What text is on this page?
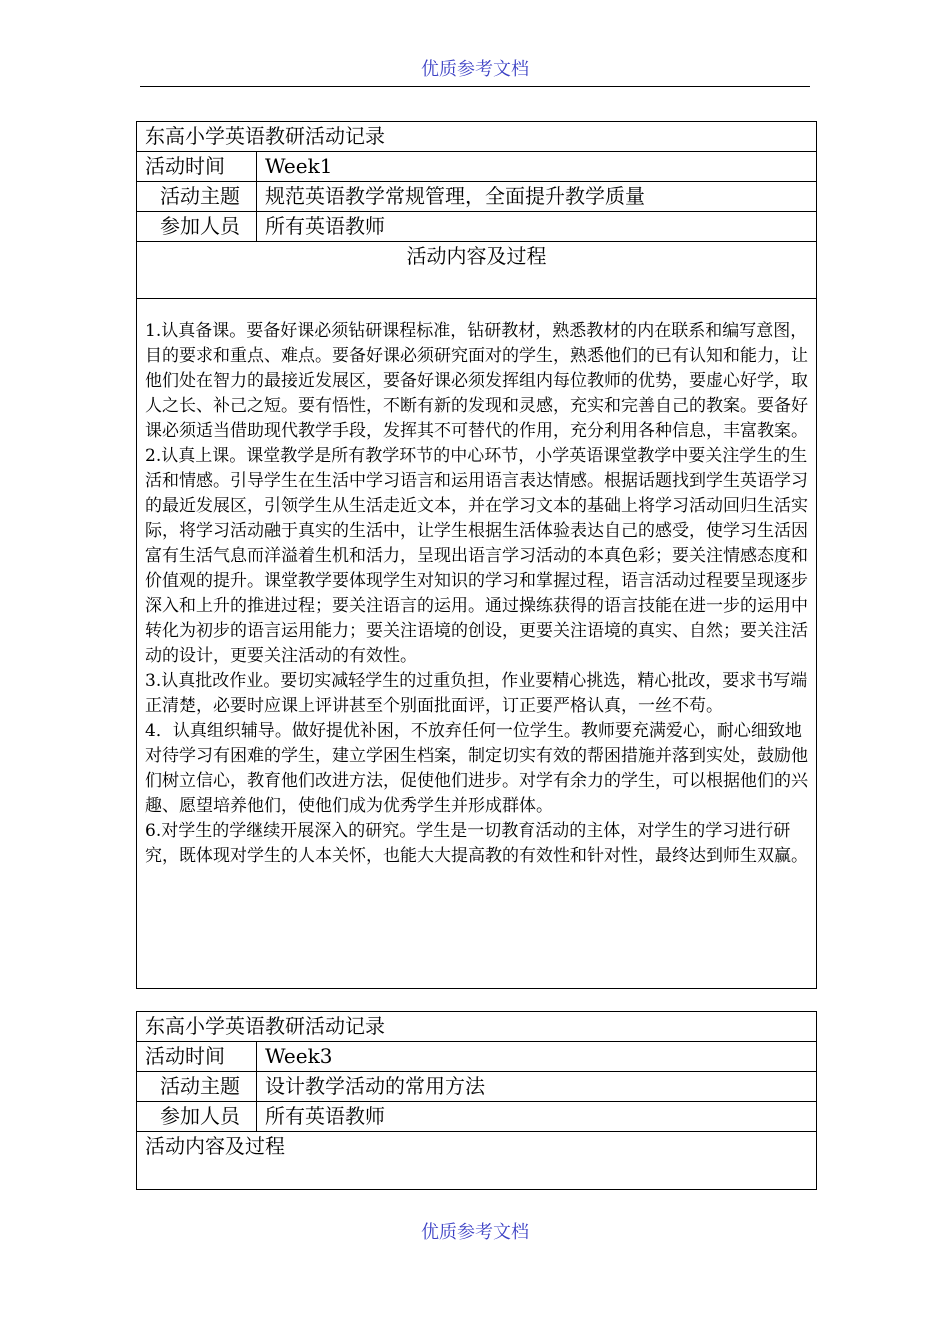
优质参考文档
东高小学英语教研活动记录	
活动时间	Week1
活动主题	规范英语教学常规管理，全面提升教学质量
参加人员	所有英语教师
活动内容及过程	

1.认真备课。要备好课必须钻研课程标准，钻研教材，熟悉教材的内在联系和编写意图，目的要求和重点、难点。要备好课必须研究面对的学生，熟悉他们的已有认知和能力，让他们处在智力的最接近发展区，要备好课必须发挥组内每位教师的优势，要虚心好学，取人之长、补己之短。要有悟性，不断有新的发现和灵感，充实和完善自己的教案。要备好课必须适当借助现代教学手段，发挥其不可替代的作用，充分利用各种信息，丰富教案。

2.认真上课。课堂教学是所有教学环节的中心环节，小学英语课堂教学中要关注学生的生活和情感。引导学生在生活中学习语言和运用语言表达情感。根据话题找到学生英语学习的最近发展区，引领学生从生活走近文本，并在学习文本的基础上将学习活动回归生活实际，将学习活动融于真实的生活中，让学生根据生活体验表达自己的感受，使学习生活因富有生活气息而洋溢着生机和活力，呈现出语言学习活动的本真色彩；要关注情感态度和价值观的提升。课堂教学要体现学生对知识的学习和掌握过程，语言活动过程要呈现逐步深入和上升的推进过程；要关注语言的运用。通过操练获得的语言技能在进一步的运用中转化为初步的语言运用能力；要关注语境的创设，更要关注语境的真实、自然；要关注活动的设计，更要关注活动的有效性。

3.认真批改作业。要切实减轻学生的过重负担，作业要精心挑选，精心批改，要求书写端正清楚，必要时应课上评讲甚至个别面批面评，订正要严格认真，一丝不苟。

4．认真组织辅导。做好提优补困，不放弃任何一位学生。教师要充满爱心，耐心细致地对待学习有困难的学生，建立学困生档案，制定切实有效的帮困措施并落到实处，鼓励他们树立信心，教育他们改进方法，促使他们进步。对学有余力的学生，可以根据他们的兴趣、愿望培养他们，使他们成为优秀学生并形成群体。

6.对学生的学继续开展深入的研究。学生是一切教育活动的主体，对学生的学习进行研究，既体现对学生的人本关怀，也能大大提高教的有效性和针对性，最终达到师生双赢。	

东高小学英语教研活动记录	
活动时间	Week3
活动主题	设计教学活动的常用方法
参加人员	所有英语教师
活动内容及过程	
优质参考文档
